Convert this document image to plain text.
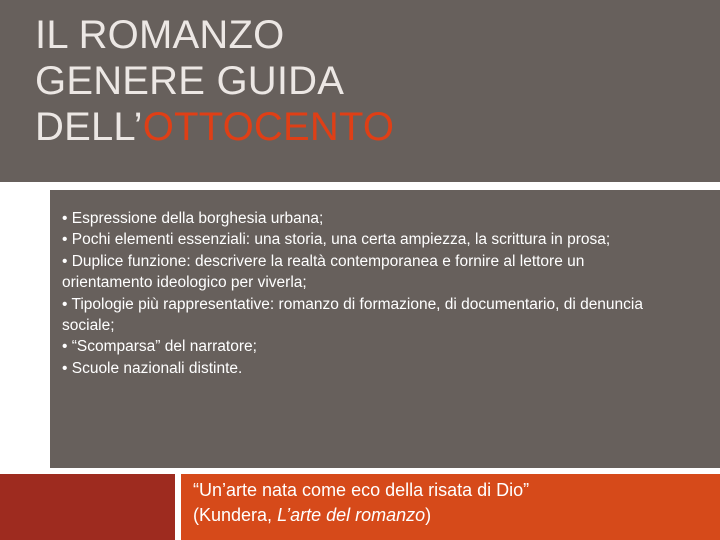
IL ROMANZO
GENERE GUIDA
DELL’OTTOCENTO
• Espressione della borghesia urbana;
• Pochi elementi essenziali: una storia, una certa ampiezza, la scrittura in prosa;
• Duplice funzione: descrivere la realtà contemporanea e fornire al lettore un orientamento ideologico per viverla;
• Tipologie più rappresentative: romanzo di formazione, di documentario, di denuncia sociale;
• “Scomparsa” del narratore;
• Scuole nazionali distinte.

“Un’arte nata come eco della risata di Dio”

(Kundera, L’arte del romanzo)
